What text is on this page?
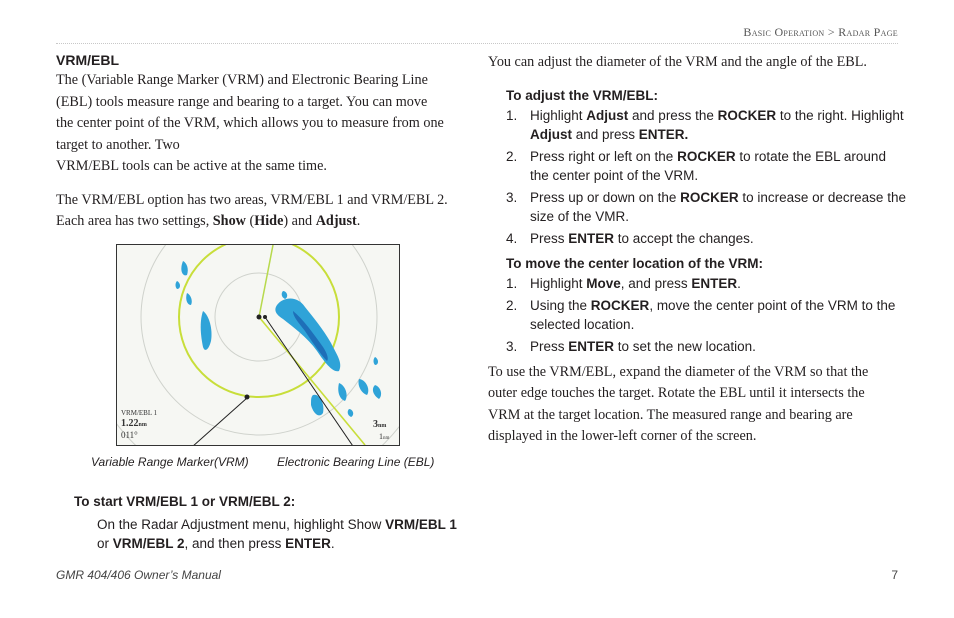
Basic Operation > Radar Page
VRM/EBL

The (Variable Range Marker (VRM) and Electronic Bearing Line
(EBL) tools measure range and bearing to a target. You can move
the center point of the VRM, which allows you to measure from one
target to another. Two
VRM/EBL tools can be active at the same time.

The VRM/EBL option has two areas, VRM/EBL 1 and VRM/EBL 2.
Each area has two settings, Show (Hide) and Adjust.

VRM/EBL 1
1.22nm
011°
3nm
1nm
Variable Range Marker(VRM) Electronic Bearing Line (EBL)
To start VRM/EBL 1 or VRM/EBL 2:
On the Radar Adjustment menu, highlight Show VRM/EBL 1
or VRM/EBL 2, and then press ENTER.

You can adjust the diameter of the VRM and the angle of the EBL.

To adjust the VRM/EBL:
1. Highlight Adjust and press the ROCKER to the right. Highlight
Adjust and press ENTER.
2. Press right or left on the ROCKER to rotate the EBL around the center point of the VRM.
3. Press up or down on the ROCKER to increase or decrease the size of the VMR.
4. Press ENTER to accept the changes.
To move the center location of the VRM:
1. Highlight Move, and press ENTER.
2. Using the ROCKER, move the center point of the VRM to the selected location.
3. Press ENTER to set the new location.

To use the VRM/EBL, expand the diameter of the VRM so that the
outer edge touches the target. Rotate the EBL until it intersects the
VRM at the target location. The measured range and bearing are
displayed in the lower-left corner of the screen.

GMR 404/406 Owner’s Manual	7
